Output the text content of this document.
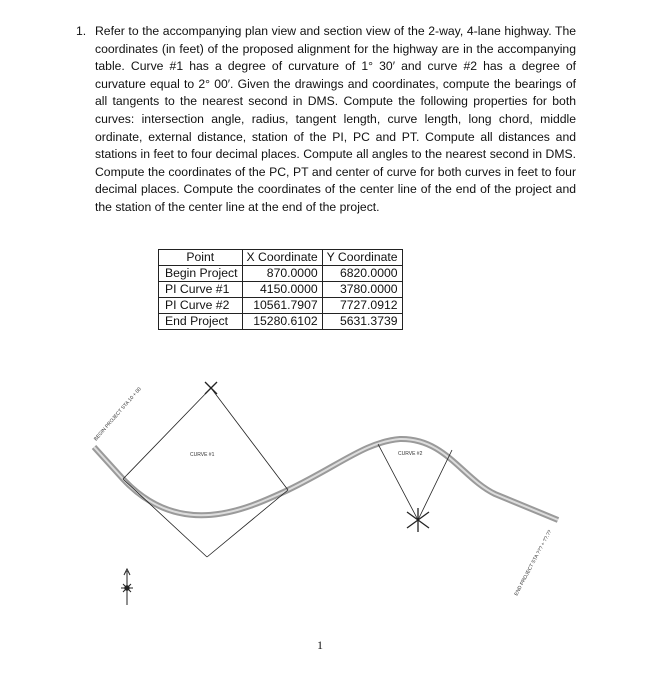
1. Refer to the accompanying plan view and section view of the 2-way, 4-lane highway. The coordinates (in feet) of the proposed alignment for the highway are in the accompanying table. Curve #1 has a degree of curvature of 1° 30′ and curve #2 has a degree of curvature equal to 2° 00′. Given the drawings and coordinates, compute the bearings of all tangents to the nearest second in DMS. Compute the following properties for both curves: intersection angle, radius, tangent length, curve length, long chord, middle ordinate, external distance, station of the PI, PC and PT. Compute all distances and stations in feet to four decimal places. Compute all angles to the nearest second in DMS. Compute the coordinates of the PC, PT and center of curve for both curves in feet to four decimal places. Compute the coordinates of the center line of the end of the project and the station of the center line at the end of the project.
Point	X Coordinate	Y Coordinate
Begin Project	870.0000	6820.0000
PI Curve #1	4150.0000	3780.0000
PI Curve #2	10561.7907	7727.0912
End Project	15280.6102	5631.3739
BEGIN PROJECT STA 10 + 00
END PROJECT STA ??? + ??.??
CURVE #1	CURVE #2
1
